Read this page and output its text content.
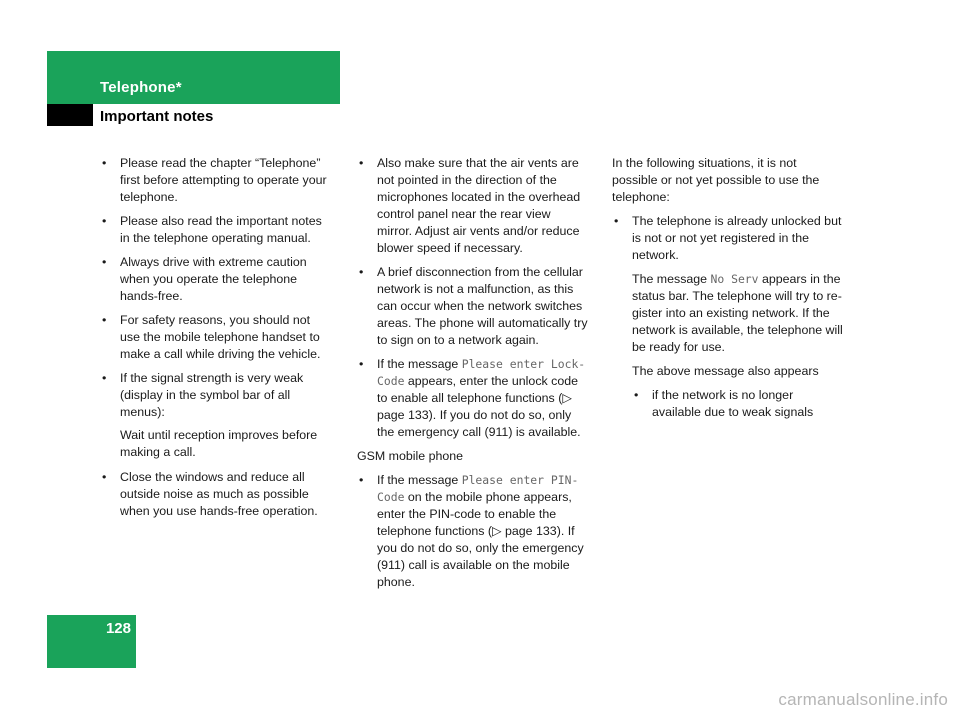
Telephone*
Important notes
• Please read the chapter “Telephone” first before attempting to operate your telephone.
• Please also read the important notes in the telephone operating manual.
• Always drive with extreme caution when you operate the telephone hands-free.
• For safety reasons, you should not use the mobile telephone handset to make a call while driving the vehicle.
• If the signal strength is very weak (display in the symbol bar of all menus):
Wait until reception improves before making a call.
• Close the windows and reduce all outside noise as much as possible when you use hands-free operation.
• Also make sure that the air vents are not pointed in the direction of the microphones located in the overhead control panel near the rear view mirror. Adjust air vents and/or reduce blower speed if necessary.
• A brief disconnection from the cellular network is not a malfunction, as this can occur when the network switches areas. The phone will automatically try to sign on to a network again.
• If the message Please enter Lock-Code appears, enter the unlock code to enable all telephone functions (▷ page 133). If you do not do so, only the emergency call (911) is available.

GSM mobile phone

• If the message Please enter PIN-Code on the mobile phone appears, enter the PIN-code to enable the telephone functions (▷ page 133). If you do not do so, only the emergency (911) call is available on the mobile phone.

In the following situations, it is not possible or not yet possible to use the telephone:

• The telephone is already unlocked but is not or not yet registered in the network.
The message No Serv appears in the status bar. The telephone will try to re-gister into an existing network. If the network is available, the telephone will be ready for use.
The above message also appears
• if the network is no longer available due to weak signals
128
carmanualsonline.info
